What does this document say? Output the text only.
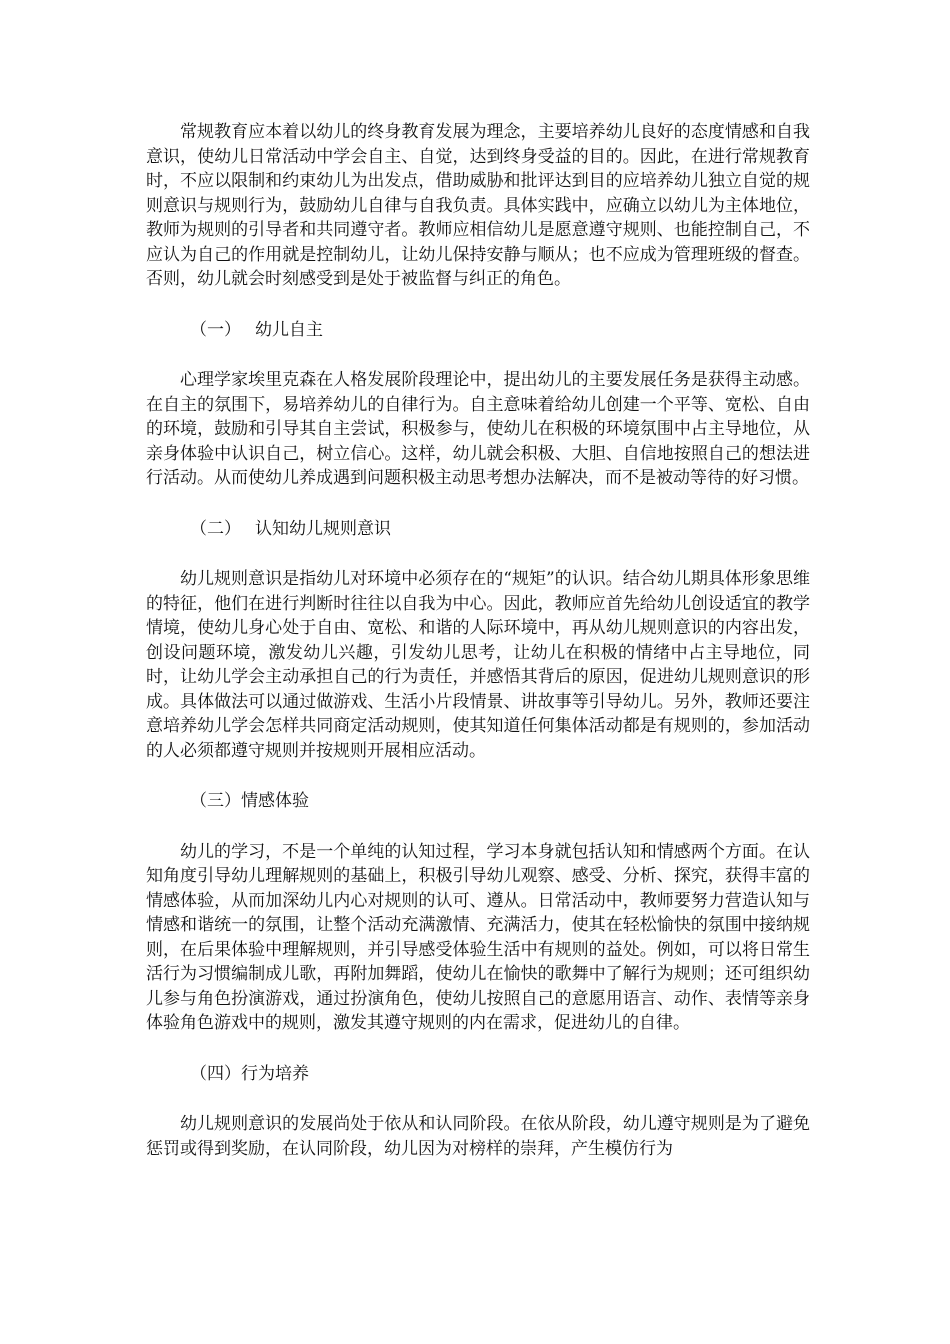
常规教育应本着以幼儿的终身教育发展为理念，主要培养幼儿良好的态度情感和自我意识，使幼儿日常活动中学会自主、自觉，达到终身受益的目的。因此，在进行常规教育时，不应以限制和约束幼儿为出发点，借助威胁和批评达到目的应培养幼儿独立自觉的规则意识与规则行为，鼓励幼儿自律与自我负责。具体实践中，应确立以幼儿为主体地位，教师为规则的引导者和共同遵守者。教师应相信幼儿是愿意遵守规则、也能控制自己，不应认为自己的作用就是控制幼儿，让幼儿保持安静与顺从；也不应成为管理班级的督查。否则，幼儿就会时刻感受到是处于被监督与纠正的角色。

（一） 幼儿自主

心理学家埃里克森在人格发展阶段理论中，提出幼儿的主要发展任务是获得主动感。在自主的氛围下，易培养幼儿的自律行为。自主意味着给幼儿创建一个平等、宽松、自由的环境，鼓励和引导其自主尝试，积极参与，使幼儿在积极的环境氛围中占主导地位，从亲身体验中认识自己，树立信心。这样，幼儿就会积极、大胆、自信地按照自己的想法进行活动。从而使幼儿养成遇到问题积极主动思考想办法解决，而不是被动等待的好习惯。

（二） 认知幼儿规则意识

幼儿规则意识是指幼儿对环境中必须存在的“规矩”的认识。结合幼儿期具体形象思维的特征，他们在进行判断时往往以自我为中心。因此，教师应首先给幼儿创设适宜的教学情境，使幼儿身心处于自由、宽松、和谐的人际环境中，再从幼儿规则意识的内容出发，创设问题环境，激发幼儿兴趣，引发幼儿思考，让幼儿在积极的情绪中占主导地位，同时，让幼儿学会主动承担自己的行为责任，并感悟其背后的原因，促进幼儿规则意识的形成。具体做法可以通过做游戏、生活小片段情景、讲故事等引导幼儿。另外，教师还要注意培养幼儿学会怎样共同商定活动规则，使其知道任何集体活动都是有规则的，参加活动的人必须都遵守规则并按规则开展相应活动。

（三）情感体验

幼儿的学习，不是一个单纯的认知过程，学习本身就包括认知和情感两个方面。在认知角度引导幼儿理解规则的基础上，积极引导幼儿观察、感受、分析、探究，获得丰富的情感体验，从而加深幼儿内心对规则的认可、遵从。日常活动中，教师要努力营造认知与情感和谐统一的氛围，让整个活动充满激情、充满活力，使其在轻松愉快的氛围中接纳规则，在后果体验中理解规则，并引导感受体验生活中有规则的益处。例如，可以将日常生活行为习惯编制成儿歌，再附加舞蹈，使幼儿在愉快的歌舞中了解行为规则；还可组织幼儿参与角色扮演游戏，通过扮演角色，使幼儿按照自己的意愿用语言、动作、表情等亲身体验角色游戏中的规则，激发其遵守规则的内在需求，促进幼儿的自律。

（四）行为培养

幼儿规则意识的发展尚处于依从和认同阶段。在依从阶段，幼儿遵守规则是为了避免惩罚或得到奖励，在认同阶段，幼儿因为对榜样的崇拜，产生模仿行为
